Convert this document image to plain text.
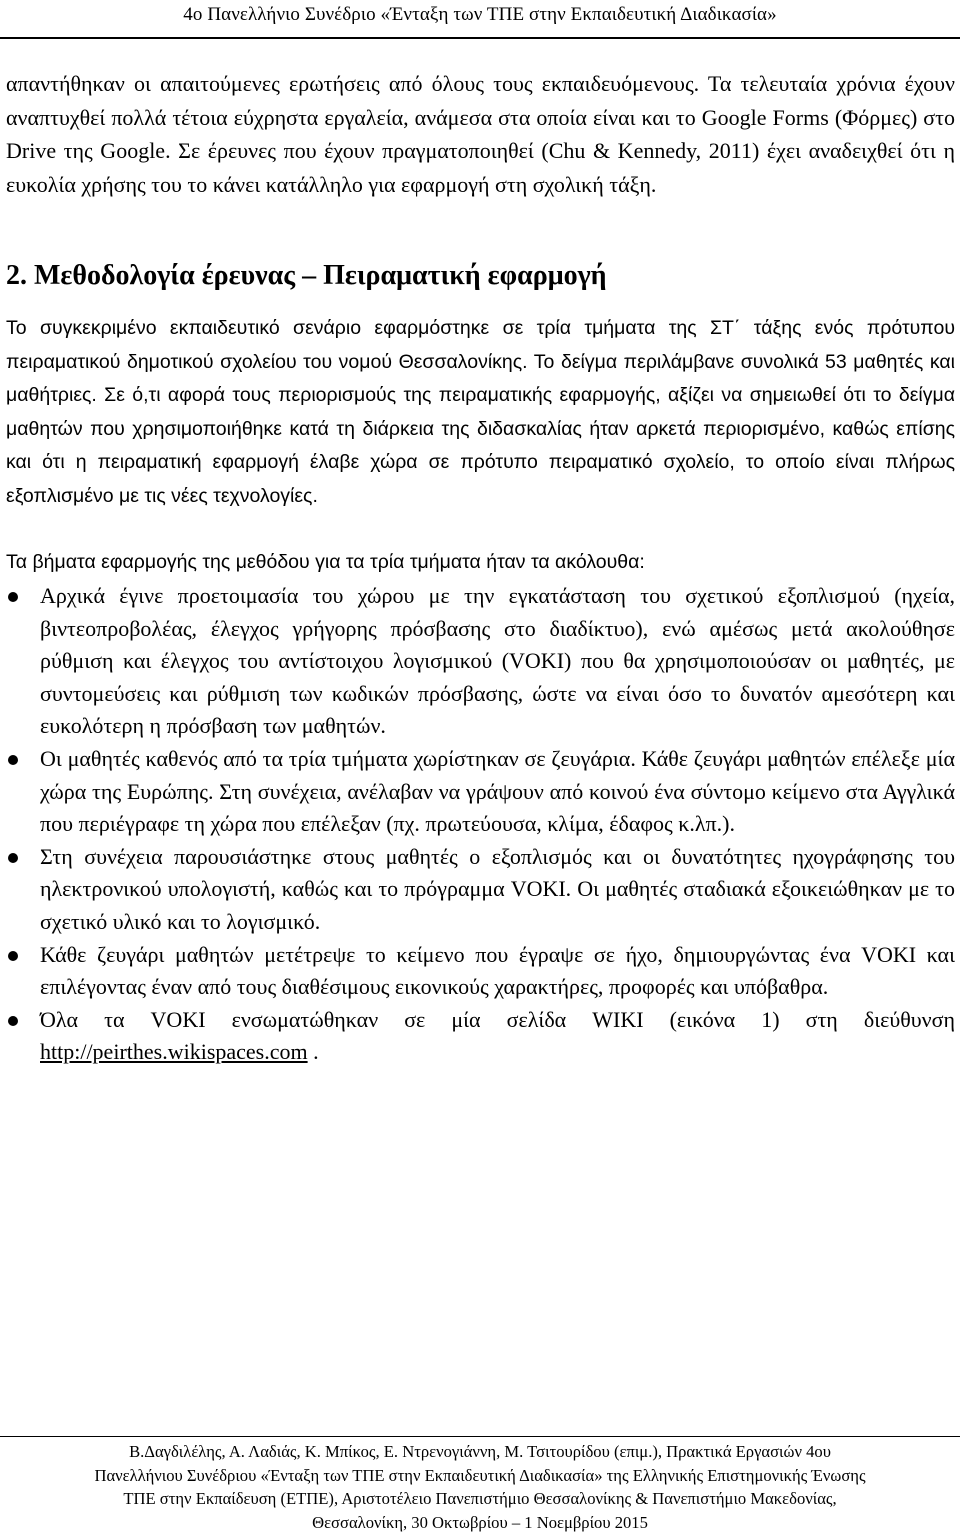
4ο Πανελλήνιο Συνέδριο «Ένταξη των ΤΠΕ στην Εκπαιδευτική Διαδικασία»

απαντήθηκαν οι απαιτούμενες ερωτήσεις από όλους τους εκπαιδευόμενους. Τα τελευταία χρόνια έχουν αναπτυχθεί πολλά τέτοια εύχρηστα εργαλεία, ανάμεσα στα οποία είναι και το Google Forms (Φόρμες) στο Drive της Google. Σε έρευνες που έχουν πραγματοποιηθεί (Chu & Kennedy, 2011) έχει αναδειχθεί ότι η ευκολία χρήσης του το κάνει κατάλληλο για εφαρμογή στη σχολική τάξη.

2. Μεθοδολογία έρευνας – Πειραματική εφαρμογή

Το συγκεκριμένο εκπαιδευτικό σενάριο εφαρμόστηκε σε τρία τμήματα της ΣΤ΄ τάξης ενός πρότυπου πειραματικού δημοτικού σχολείου του νομού Θεσσαλονίκης. Το δείγμα περιλάμβανε συνολικά 53 μαθητές και μαθήτριες. Σε ό,τι αφορά τους περιορισμούς της πειραματικής εφαρμογής, αξίζει να σημειωθεί ότι το δείγμα μαθητών που χρησιμοποιήθηκε κατά τη διάρκεια της διδασκαλίας ήταν αρκετά περιορισμένο, καθώς επίσης και ότι η πειραματική εφαρμογή έλαβε χώρα σε πρότυπο πειραματικό σχολείο, το οποίο είναι πλήρως εξοπλισμένο με τις νέες τεχνολογίες.

Τα βήματα εφαρμογής της μεθόδου για τα τρία τμήματα ήταν τα ακόλουθα:

Αρχικά έγινε προετοιμασία του χώρου με την εγκατάσταση του σχετικού εξοπλισμού (ηχεία, βιντεοπροβολέας, έλεγχος γρήγορης πρόσβασης στο διαδίκτυο), ενώ αμέσως μετά ακολούθησε ρύθμιση και έλεγχος του αντίστοιχου λογισμικού (VOKI) που θα χρησιμοποιούσαν οι μαθητές, με συντομεύσεις και ρύθμιση των κωδικών πρόσβασης, ώστε να είναι όσο το δυνατόν αμεσότερη και ευκολότερη η πρόσβαση των μαθητών.
Οι μαθητές καθενός από τα τρία τμήματα χωρίστηκαν σε ζευγάρια. Κάθε ζευγάρι μαθητών επέλεξε μία χώρα της Ευρώπης. Στη συνέχεια, ανέλαβαν να γράψουν από κοινού ένα σύντομο κείμενο στα Αγγλικά που περιέγραφε τη χώρα που επέλεξαν (πχ. πρωτεύουσα, κλίμα, έδαφος κ.λπ.).
Στη συνέχεια παρουσιάστηκε στους μαθητές ο εξοπλισμός και οι δυνατότητες ηχογράφησης του ηλεκτρονικού υπολογιστή, καθώς και το πρόγραμμα VOKI. Οι μαθητές σταδιακά εξοικειώθηκαν με το σχετικό υλικό και το λογισμικό.
Κάθε ζευγάρι μαθητών μετέτρεψε το κείμενο που έγραψε σε ήχο, δημιουργώντας ένα VOKI και επιλέγοντας έναν από τους διαθέσιμους εικονικούς χαρακτήρες, προφορές και υπόβαθρα.
Όλα τα VOKI ενσωματώθηκαν σε μία σελίδα WIKI (εικόνα 1) στη διεύθυνση http://peirthes.wikispaces.com .
Β.Δαγδιλέλης, Α. Λαδιάς, Κ. Μπίκος, Ε. Ντρενογιάννη, Μ. Τσιτουρίδου (επιμ.), Πρακτικά Εργασιών 4ου
Πανελλήνιου Συνέδριου «Ένταξη των ΤΠΕ στην Εκπαιδευτική Διαδικασία» της Ελληνικής Επιστημονικής Ένωσης
ΤΠΕ στην Εκπαίδευση (ΕΤΠΕ), Αριστοτέλειο Πανεπιστήμιο Θεσσαλονίκης & Πανεπιστήμιο Μακεδονίας,
Θεσσαλονίκη, 30 Οκτωβρίου – 1 Νοεμβρίου 2015
